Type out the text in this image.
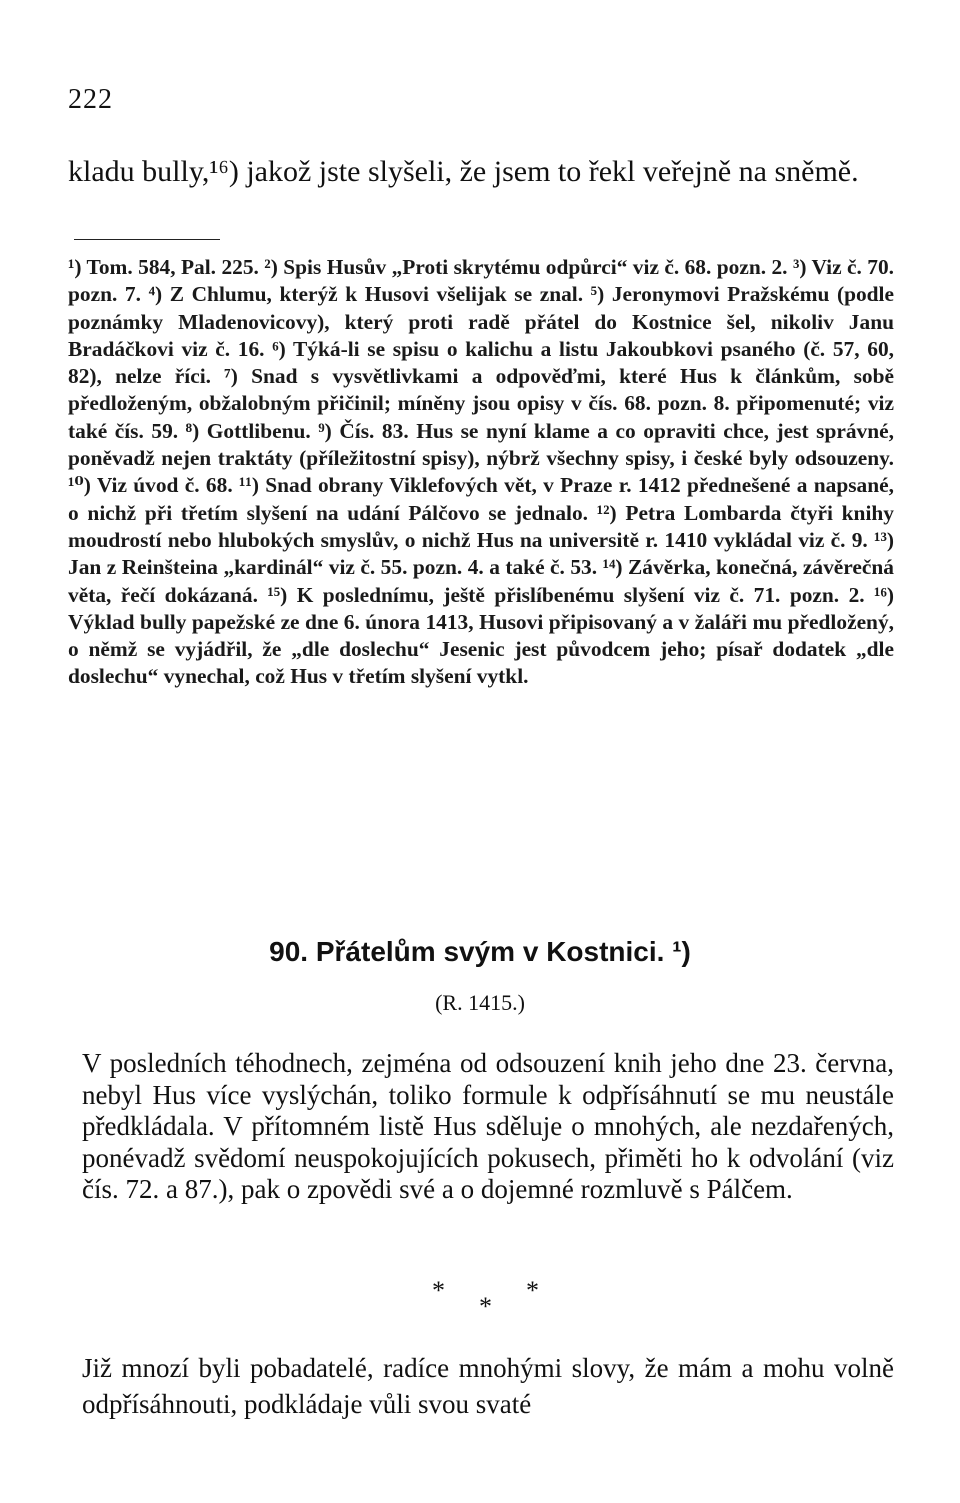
222
kladu bully,¹⁶) jakož jste slyšeli, že jsem to řekl veřejně na sněmě.
¹) Tom. 584, Pal. 225. ²) Spis Husův „Proti skrytému odpůrci“ viz č. 68. pozn. 2. ³) Viz č. 70. pozn. 7. ⁴) Z Chlumu, kterýž k Husovi všelijak se znal. ⁵) Jeronymovi Pražskému (podle poznámky Mladenovicovy), který proti radě přátel do Kostnice šel, nikoliv Janu Bradáčkovi viz č. 16. ⁶) Týká-li se spisu o kalichu a listu Jakoubkovi psaného (č. 57, 60, 82), nelze říci. ⁷) Snad s vysvětlivkami a odpověďmi, které Hus k článkům, sobě předloženým, obžalobným přičinil; míněny jsou opisy v čís. 68. pozn. 8. připomenuté; viz také čís. 59. ⁸) Gottlibenu. ⁹) Čís. 83. Hus se nyní klame a co opraviti chce, jest správné, poněvadž nejen traktáty (příležitostní spisy), nýbrž všechny spisy, i české byly odsouzeny. ¹⁰) Viz úvod č. 68. ¹¹) Snad obrany Viklefových vět, v Praze r. 1412 přednešené a napsané, o nichž při třetím slyšení na udání Pálčovo se jednalo. ¹²) Petra Lombarda čtyři knihy moudrostí nebo hlubokých smyslův, o nichž Hus na universitě r. 1410 vykládal viz č. 9. ¹³) Jan z Reinšteina „kardinál“ viz č. 55. pozn. 4. a také č. 53. ¹⁴) Závěrka, konečná, závěrečná věta, řečí dokázaná. ¹⁵) K poslednímu, ještě přislíbenému slyšení viz č. 71. pozn. 2. ¹⁶) Výklad bully papežské ze dne 6. února 1413, Husovi připisovaný a v žaláři mu předložený, o němž se vyjádřil, že „dle doslechu“ Jesenic jest původcem jeho; písař dodatek „dle doslechu“ vynechal, což Hus v třetím slyšení vytkl.
90. Přátelům svým v Kostnici. ¹)
(R. 1415.)
V posledních téhodnech, zejména od odsouzení knih jeho dne 23. června, nebyl Hus více vyslýchán, toliko formule k odpřísáhnutí se mu neustále předkládala. V přítomném listě Hus sděluje o mnohých, ale nezdařených, ponévadž svědomí neuspokojujících pokusech, přiměti ho k odvolání (viz čís. 72. a 87.), pak o zpovědi své a o dojemné rozmluvě s Pálčem.
*	*
*
Již mnozí byli pobadatelé, radíce mnohými slovy, že mám a mohu volně odpřísáhnouti, podkládaje vůli svou svaté
